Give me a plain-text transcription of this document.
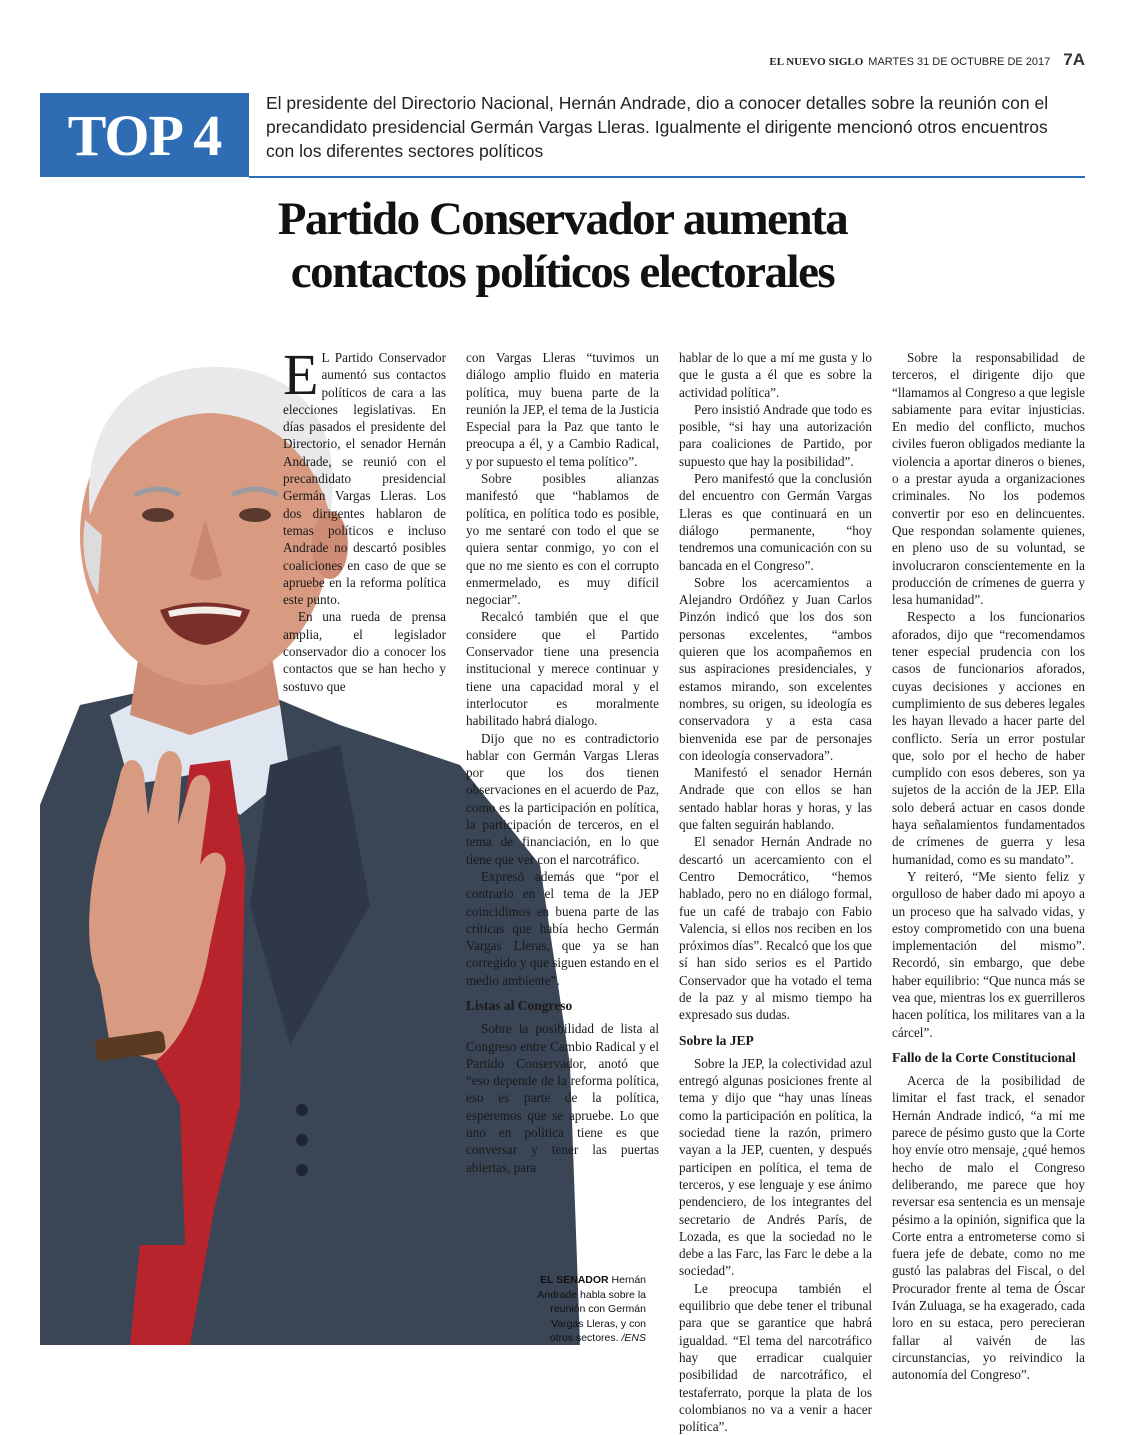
EL NUEVO SIGLO MARTES 31 DE OCTUBRE DE 2017 7A
TOP 4	El presidente del Directorio Nacional, Hernán Andrade, dio a conocer detalles sobre la reunión con el precandidato presidencial Germán Vargas Lleras. Igualmente el dirigente mencionó otros encuentros con los diferentes sectores políticos
Partido Conservador aumenta
contactos políticos electorales

E L Partido Conservador aumentó sus contactos políticos de cara a las elecciones legislativas. En días pasados el presidente del Directorio, el senador Hernán Andrade, se reunió con el precandidato presidencial Germán Vargas Lleras. Los dos dirigentes hablaron de temas políticos e incluso Andrade no descartó posibles coaliciones en caso de que se apruebe en la reforma política este punto.

En una rueda de prensa amplia, el legislador conservador dio a conocer los contactos que se han hecho y sostuvo que

con Vargas Lleras “tuvimos un diálogo amplio fluido en materia política, muy buena parte de la reunión la JEP, el tema de la Justicia Especial para la Paz que tanto le preocupa a él, y a Cambio Radical, y por supuesto el tema político”.

Sobre posibles alianzas manifestó que “hablamos de política, en política todo es posible, yo me sentaré con todo el que se quiera sentar conmigo, yo con el que no me siento es con el corrupto enmermelado, es muy difícil negociar”.

Recalcó también que el que considere que el Partido Conservador tiene una presencia institucional y merece continuar y tiene una capacidad moral y el interlocutor es moralmente habilitado habrá dialogo.

Dijo que no es contradictorio hablar con Germán Vargas Lleras por que los dos tienen observaciones en el acuerdo de Paz, como es la participación en política, la participación de terceros, en el tema de financiación, en lo que tiene que ver con el narcotráfico.

Expresó además que “por el contrario en el tema de la JEP coincidimos en buena parte de las críticas que había hecho Germán Vargas Lleras, que ya se han corregido y que siguen estando en el medio ambiente”.

Listas al Congreso

Sobre la posibilidad de lista al Congreso entre Cambio Radical y el Partido Conservador, anotó que “eso depende de la reforma política, eso es parte de la política, esperemos que se apruebe. Lo que uno en política tiene es que conversar y tener las puertas abiertas, para

hablar de lo que a mí me gusta y lo que le gusta a él que es sobre la actividad política”.

Pero insistió Andrade que todo es posible, “si hay una autorización para coaliciones de Partido, por supuesto que hay la posibilidad”.

Pero manifestó que la conclusión del encuentro con Germán Vargas Lleras es que continuará en un diálogo permanente, “hoy tendremos una comunicación con su bancada en el Congreso”.

Sobre los acercamientos a Alejandro Ordóñez y Juan Carlos Pinzón indicó que los dos son personas excelentes, “ambos quieren que los acompañemos en sus aspiraciones presidenciales, y estamos mirando, son excelentes nombres, su origen, su ideología es conservadora y a esta casa bienvenida ese par de personajes con ideología conservadora”.

Manifestó el senador Hernán Andrade que con ellos se han sentado hablar horas y horas, y las que falten seguirán hablando.

El senador Hernán Andrade no descartó un acercamiento con el Centro Democrático, “hemos hablado, pero no en diálogo formal, fue un café de trabajo con Fabio Valencia, si ellos nos reciben en los próximos días”. Recalcó que los que sí han sido serios es el Partido Conservador que ha votado el tema de la paz y al mismo tiempo ha expresado sus dudas.

Sobre la JEP

Sobre la JEP, la colectividad azul entregó algunas posiciones frente al tema y dijo que “hay unas líneas como la participación en política, la sociedad tiene la razón, primero vayan a la JEP, cuenten, y después participen en política, el tema de terceros, y ese lenguaje y ese ánimo pendenciero, de los integrantes del secretario de Andrés París, de Lozada, es que la sociedad no le debe a las Farc, las Farc le debe a la sociedad”.

Le preocupa también el equilibrio que debe tener el tribunal para que se garantice que habrá igualdad. “El tema del narcotráfico hay que erradicar cualquier posibilidad de narcotráfico, el testaferrato, porque la plata de los colombianos no va a venir a hacer política”.

Sobre la responsabilidad de terceros, el dirigente dijo que “llamamos al Congreso a que legisle sabiamente para evitar injusticias. En medio del conflicto, muchos civiles fueron obligados mediante la violencia a aportar dineros o bienes, o a prestar ayuda a organizaciones criminales. No los podemos convertir por eso en delincuentes. Que respondan solamente quienes, en pleno uso de su voluntad, se involucraron conscientemente en la producción de crímenes de guerra y lesa humanidad”.

Respecto a los funcionarios aforados, dijo que “recomendamos tener especial prudencia con los casos de funcionarios aforados, cuyas decisiones y acciones en cumplimiento de sus deberes legales les hayan llevado a hacer parte del conflicto. Sería un error postular que, solo por el hecho de haber cumplido con esos deberes, son ya sujetos de la acción de la JEP. Ella solo deberá actuar en casos donde haya señalamientos fundamentados de crímenes de guerra y lesa humanidad, como es su mandato”.

Y reiteró, “Me siento feliz y orgulloso de haber dado mi apoyo a un proceso que ha salvado vidas, y estoy comprometido con una buena implementación del mismo”. Recordó, sin embargo, que debe haber equilibrio: “Que nunca más se vea que, mientras los ex guerrilleros hacen política, los militares van a la cárcel”.

Fallo de la Corte Constitucional

Acerca de la posibilidad de limitar el fast track, el senador Hernán Andrade indicó, “a mí me parece de pésimo gusto que la Corte hoy envíe otro mensaje, ¿qué hemos hecho de malo el Congreso deliberando, me parece que hoy reversar esa sentencia es un mensaje pésimo a la opinión, significa que la Corte entra a entrometerse como si fuera jefe de debate, como no me gustó las palabras del Fiscal, o del Procurador frente al tema de Óscar Iván Zuluaga, se ha exagerado, cada loro en su estaca, pero perecieran fallar al vaivén de las circunstancias, yo reivindico la autonomía del Congreso”.

EL SENADOR Hernán Andrade habla sobre la reunión con Germán Vargas Lleras, y con otros sectores. /ENS
